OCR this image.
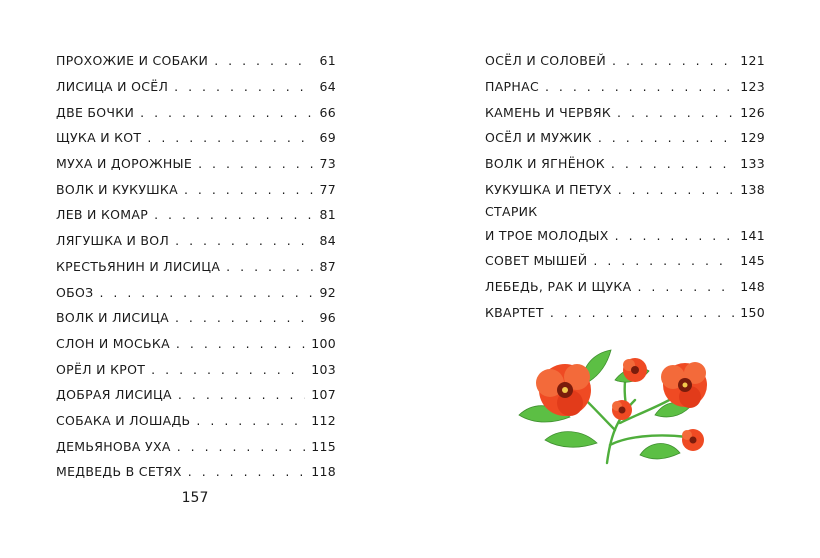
ПРОХОЖИЕ И СОБАКИ . . .	61
ЛИСИЦА И ОСЁЛ . . .	64
ДВЕ БОЧКИ . . .	66
ЩУКА И КОТ . . .	69
МУХА И ДОРОЖНЫЕ . . .	73
ВОЛК И КУКУШКА . . .	77
ЛЕВ И КОМАР . . .	81
ЛЯГУШКА И ВОЛ . . .	84
КРЕСТЬЯНИН И ЛИСИЦА . . .	87
ОБОЗ . . .	92
ВОЛК И ЛИСИЦА . . .	96
СЛОН И МОСЬКА . . .	100
ОРЁЛ И КРОТ . . .	103
ДОБРАЯ ЛИСИЦА . . .	107
СОБАКА И ЛОШАДЬ . . .	112
ДЕМЬЯНОВА УХА . . .	115
МЕДВЕДЬ В СЕТЯХ . . .	118
ОСЁЛ И СОЛОВЕЙ . . .	121
ПАРНАС . . .	123
КАМЕНЬ И ЧЕРВЯК . . .	126
ОСЁЛ И МУЖИК . . .	129
ВОЛК И ЯГНЁНОК . . .	133
КУКУШКА И ПЕТУХ . . .	138
СТАРИК
И ТРОЕ МОЛОДЫХ . . .	141
СОВЕТ МЫШЕЙ . . .	145
ЛЕБЕДЬ, РАК И ЩУКА . . .	148
КВАРТЕТ . . .	150
157
